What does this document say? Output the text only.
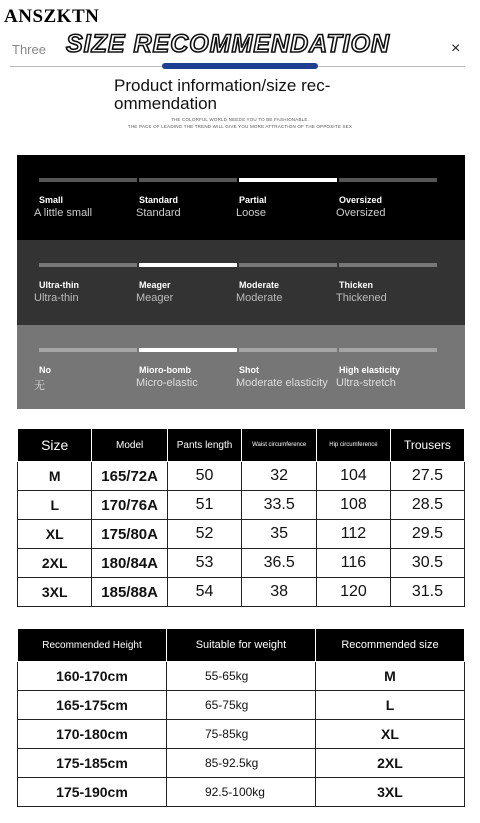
ANSZKTN
Three SIZE RECOMMENDATION	×
Product information/size rec-
ommendation
THE COLORFUL WORLD NEEDS YOU TO BE FASHIONABLE.
THE PACE OF LEADING THE TREND WILL GIVE YOU MORE ATTRACTION OF THE OPPOSITE SEX
Small
A little small
Standard
Standard
Partial
Loose
Oversized
Oversized
Ultra-thin
Ultra-thin
Meager
Meager
Moderate
Moderate
Thicken
Thickened
No
无
Mioro-bomb
Micro-elastic
Shot
Moderate elasticity
High elasticity
Ultra-stretch
Size	Model	Pants length	Waist circumference	Hip circumference	Trousers
M	165/72A	50	32	104	27.5
L	170/76A	51	33.5	108	28.5
XL	175/80A	52	35	112	29.5
2XL	180/84A	53	36.5	116	30.5
3XL	185/88A	54	38	120	31.5
Recommended Height	Suitable for weight	Recommended size
160-170cm	55-65kg	M
165-175cm	65-75kg	L
170-180cm	75-85kg	XL
175-185cm	85-92.5kg	2XL
175-190cm	92.5-100kg	3XL
